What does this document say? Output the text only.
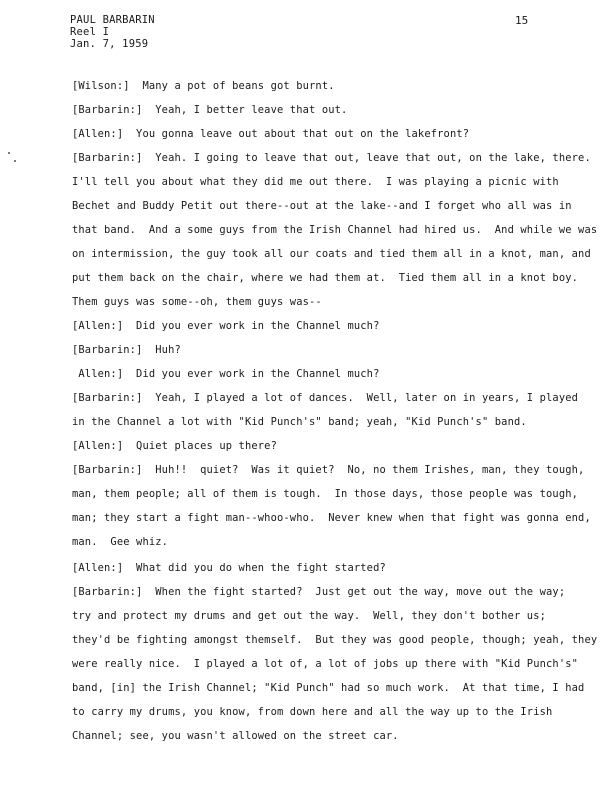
PAUL BARBARIN
Reel I
Jan. 7, 1959
15
[Wilson:]  Many a pot of beans got burnt.
[Barbarin:]  Yeah, I better leave that out.
[Allen:]  You gonna leave out about that out on the lakefront?
[Barbarin:]  Yeah. I going to leave that out, leave that out, on the lake, there.
I'll tell you about what they did me out there.  I was playing a picnic with
Bechet and Buddy Petit out there--out at the lake--and I forget who all was in
that band.  And a some guys from the Irish Channel had hired us.  And while we was
on intermission, the guy took all our coats and tied them all in a knot, man, and
put them back on the chair, where we had them at.  Tied them all in a knot boy.
Them guys was some--oh, them guys was--
[Allen:]  Did you ever work in the Channel much?
[Barbarin:]  Huh?
Allen:]  Did you ever work in the Channel much?
[Barbarin:]  Yeah, I played a lot of dances.  Well, later on in years, I played
in the Channel a lot with "Kid Punch's" band; yeah, "Kid Punch's" band.
[Allen:]  Quiet places up there?
[Barbarin:]  Huh!!  quiet?  Was it quiet?  No, no them Irishes, man, they tough,
man, them people; all of them is tough.  In those days, those people was tough,
man; they start a fight man--whoo-who.  Never knew when that fight was gonna end,
man.  Gee whiz.
[Allen:]  What did you do when the fight started?
[Barbarin:]  When the fight started?  Just get out the way, move out the way;
try and protect my drums and get out the way.  Well, they don't bother us;
they'd be fighting amongst themself.  But they was good people, though; yeah, they
were really nice.  I played a lot of, a lot of jobs up there with "Kid Punch's"
band, [in] the Irish Channel; "Kid Punch" had so much work.  At that time, I had
to carry my drums, you know, from down here and all the way up to the Irish
Channel; see, you wasn't allowed on the street car.
